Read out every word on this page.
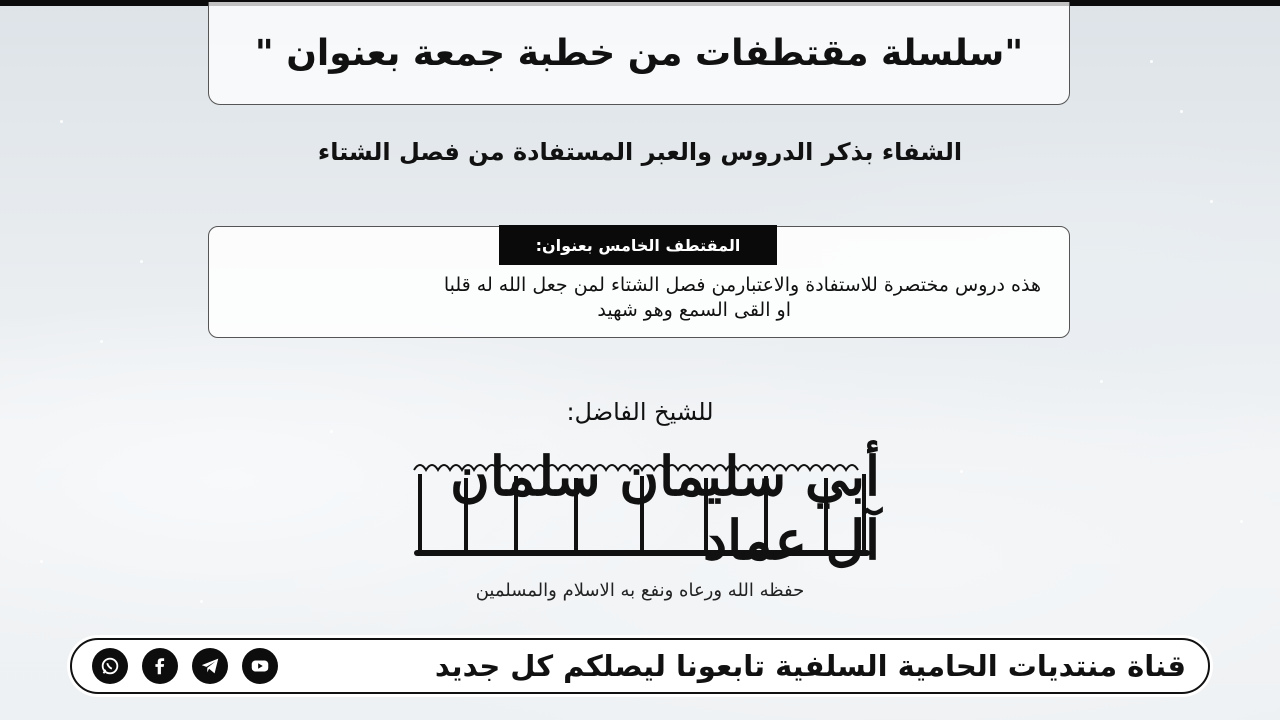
"سلسلة مقتطفات من خطبة جمعة بعنوان "
الشفاء بذكر الدروس والعبر المستفادة من فصل الشتاء
المقتطف الخامس بعنوان:
هذه دروس مختصرة للاستفادة والاعتبارمن فصل الشتاء لمن جعل الله له قلبا
او القى السمع وهو شهيد
للشيخ الفاضل:
أبي سليمان سلمان آل عماد
حفظه الله ورعاه ونفع به الاسلام والمسلمين
قناة منتديات الحامية السلفية تابعونا ليصلكم كل جديد
